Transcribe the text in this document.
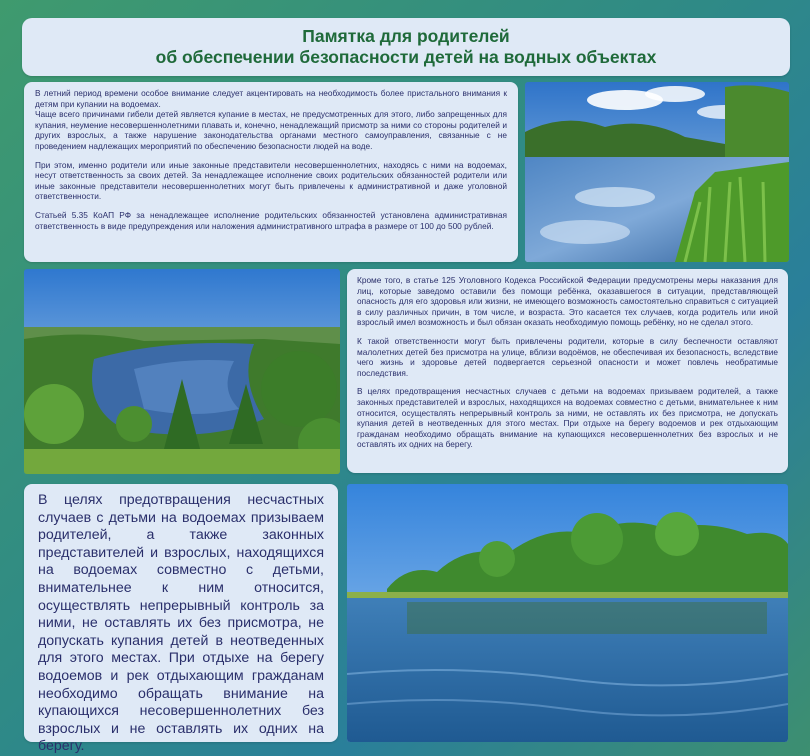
Памятка для родителей
об обеспечении безопасности детей на водных объектах

В летний период времени особое внимание следует акцентировать на необходимость более пристального внимания к детям при купании на водоемах.
Чаще всего причинами гибели детей является купание в местах, не предусмотренных для этого, либо запрещенных для купания, неумение несовершеннолетними плавать и, конечно, ненадлежащий присмотр за ними со стороны родителей и других взрослых, а также нарушение законодательства органами местного самоуправления, связанные с не проведением надлежащих мероприятий по обеспечению безопасности людей на воде.

При этом, именно родители или иные законные представители несовершеннолетних, находясь с ними на водоемах, несут ответственность за своих детей. За ненадлежащее исполнение своих родительских обязанностей родители или иные законные представители несовершеннолетних могут быть привлечены к административной и даже уголовной ответственности.

Статьей 5.35 КоАП РФ за ненадлежащее исполнение родительских обязанностей установлена административная ответственность в виде предупреждения или наложения административного штрафа в размере от 100 до 500 рублей.

Кроме того, в статье 125 Уголовного Кодекса Российской Федерации предусмотрены меры наказания для лиц, которые заведомо оставили без помощи ребёнка, оказавшегося в ситуации, представляющей опасность для его здоровья или жизни, не имеющего возможность самостоятельно справиться с ситуацией в силу различных причин, в том числе, и возраста. Это касается тех случаев, когда родитель или иной взрослый имел возможность и был обязан оказать необходимую помощь ребёнку, но не сделал этого.

К такой ответственности могут быть привлечены родители, которые в силу беспечности оставляют малолетних детей без присмотра на улице, вблизи водоёмов, не обеспечивая их безопасность, вследствие чего жизнь и здоровье детей подвергается серьезной опасности и может повлечь необратимые последствия.

В целях предотвращения несчастных случаев с детьми на водоемах призываем родителей, а также законных представителей и взрослых, находящихся на водоемах совместно с детьми, внимательнее к ним относится, осуществлять непрерывный контроль за ними, не оставлять их без присмотра, не допускать купания детей в неотведенных для этого местах. При отдыхе на берегу водоемов и рек отдыхающим гражданам необходимо обращать внимание на купающихся несовершеннолетних без взрослых и не оставлять их одних на берегу.

В целях предотвращения несчастных случаев с детьми на водоемах призываем родителей, а также законных представителей и взрослых, находящихся на водоемах совместно с детьми, внимательнее к ним относится, осуществлять непрерывный контроль за ними, не оставлять их без присмотра, не допускать купания детей в неотведенных для этого местах. При отдыхе на берегу водоемов и рек отдыхающим гражданам необходимо обращать внимание на купающихся несовершеннолетних без взрослых и не оставлять их одних на берегу.
